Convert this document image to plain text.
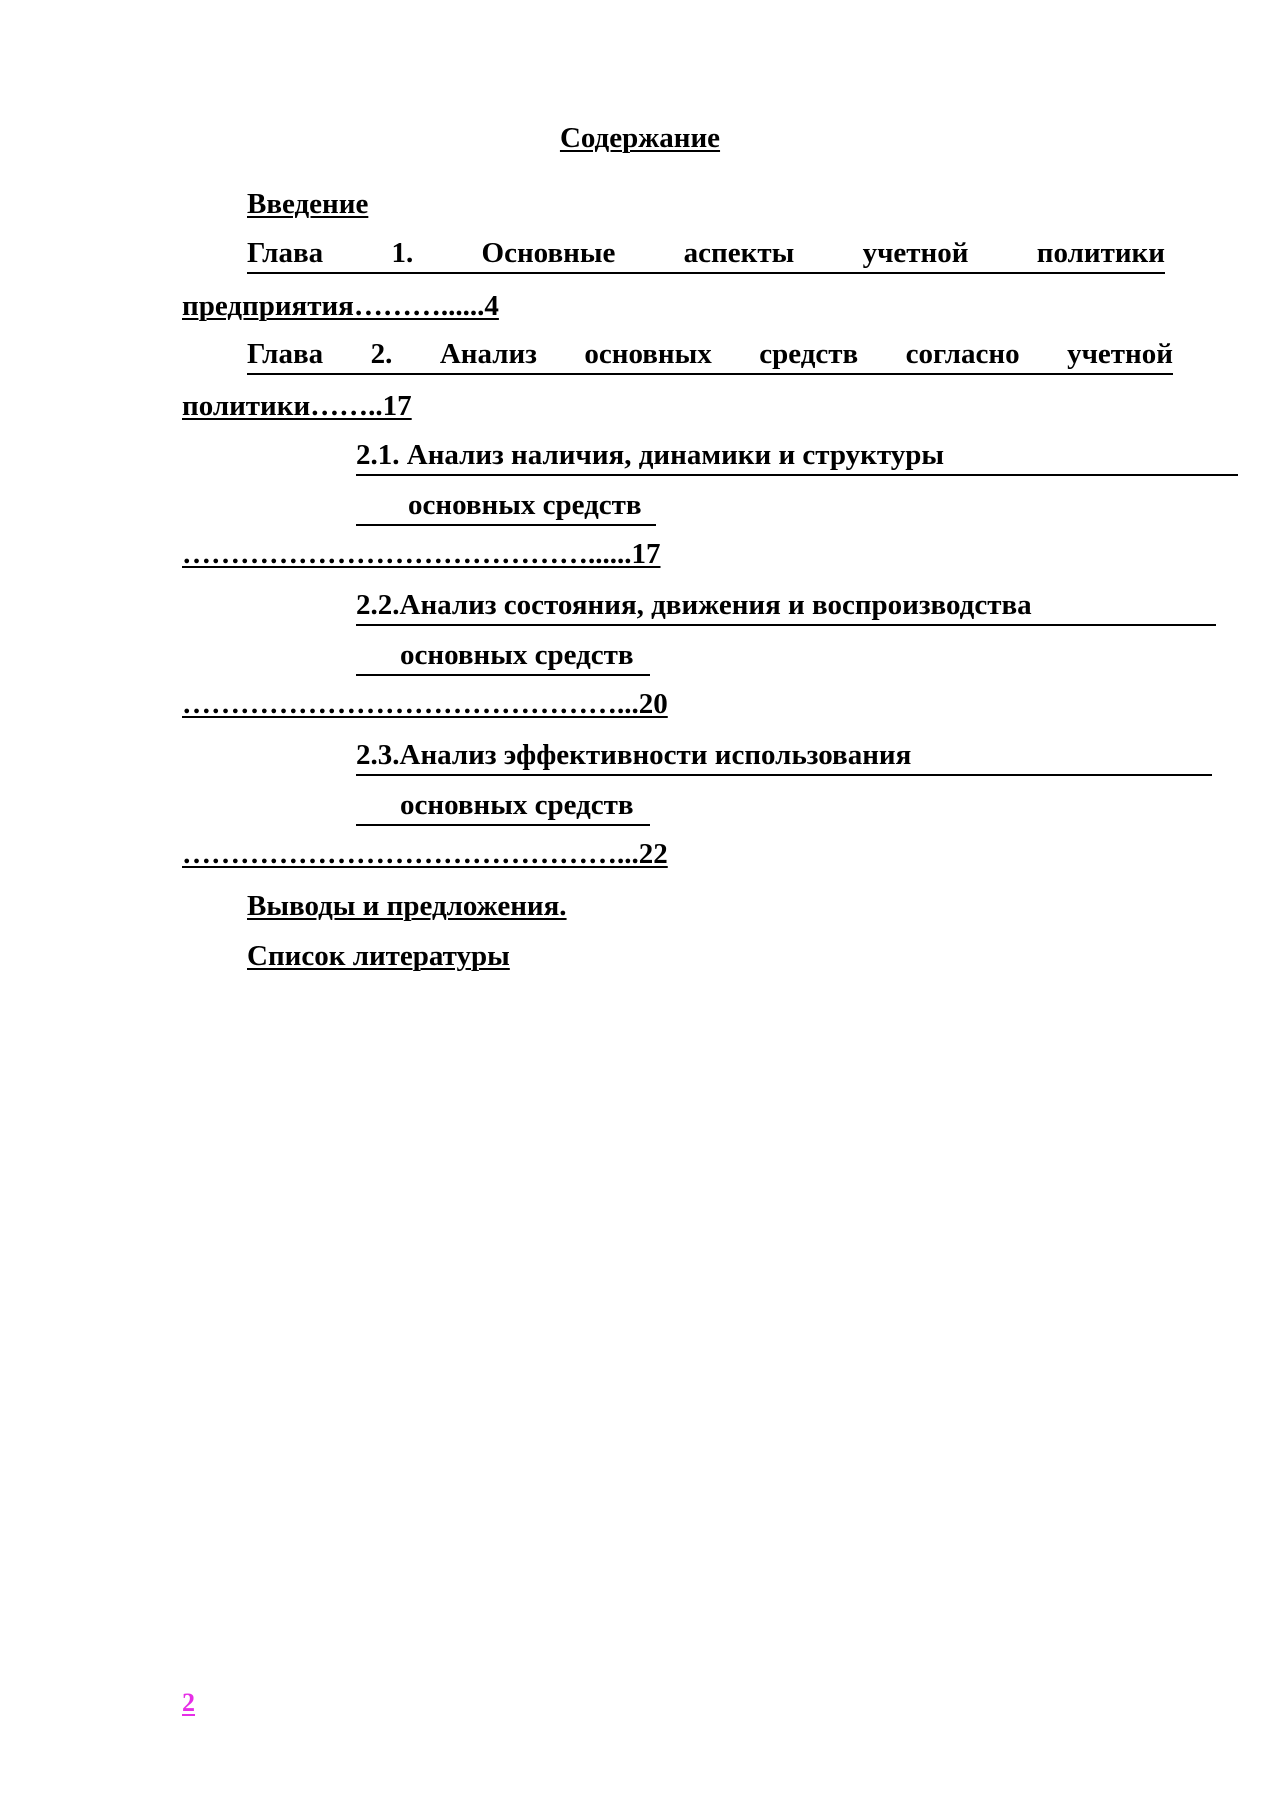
Содержание
Введение
Глава 1. Основные аспекты учетной политики
предприятия………......4
Глава 2. Анализ основных средств согласно учетной
политики……..17
2.1. Анализ наличия, динамики и структуры
основных средств
……………………………………......17
2.2.Анализ состояния, движения и воспроизводства
основных средств
………………………………………...20
2.3.Анализ эффективности использования
основных средств
………………………………………...22
Выводы и предложения.
Список литературы
2
